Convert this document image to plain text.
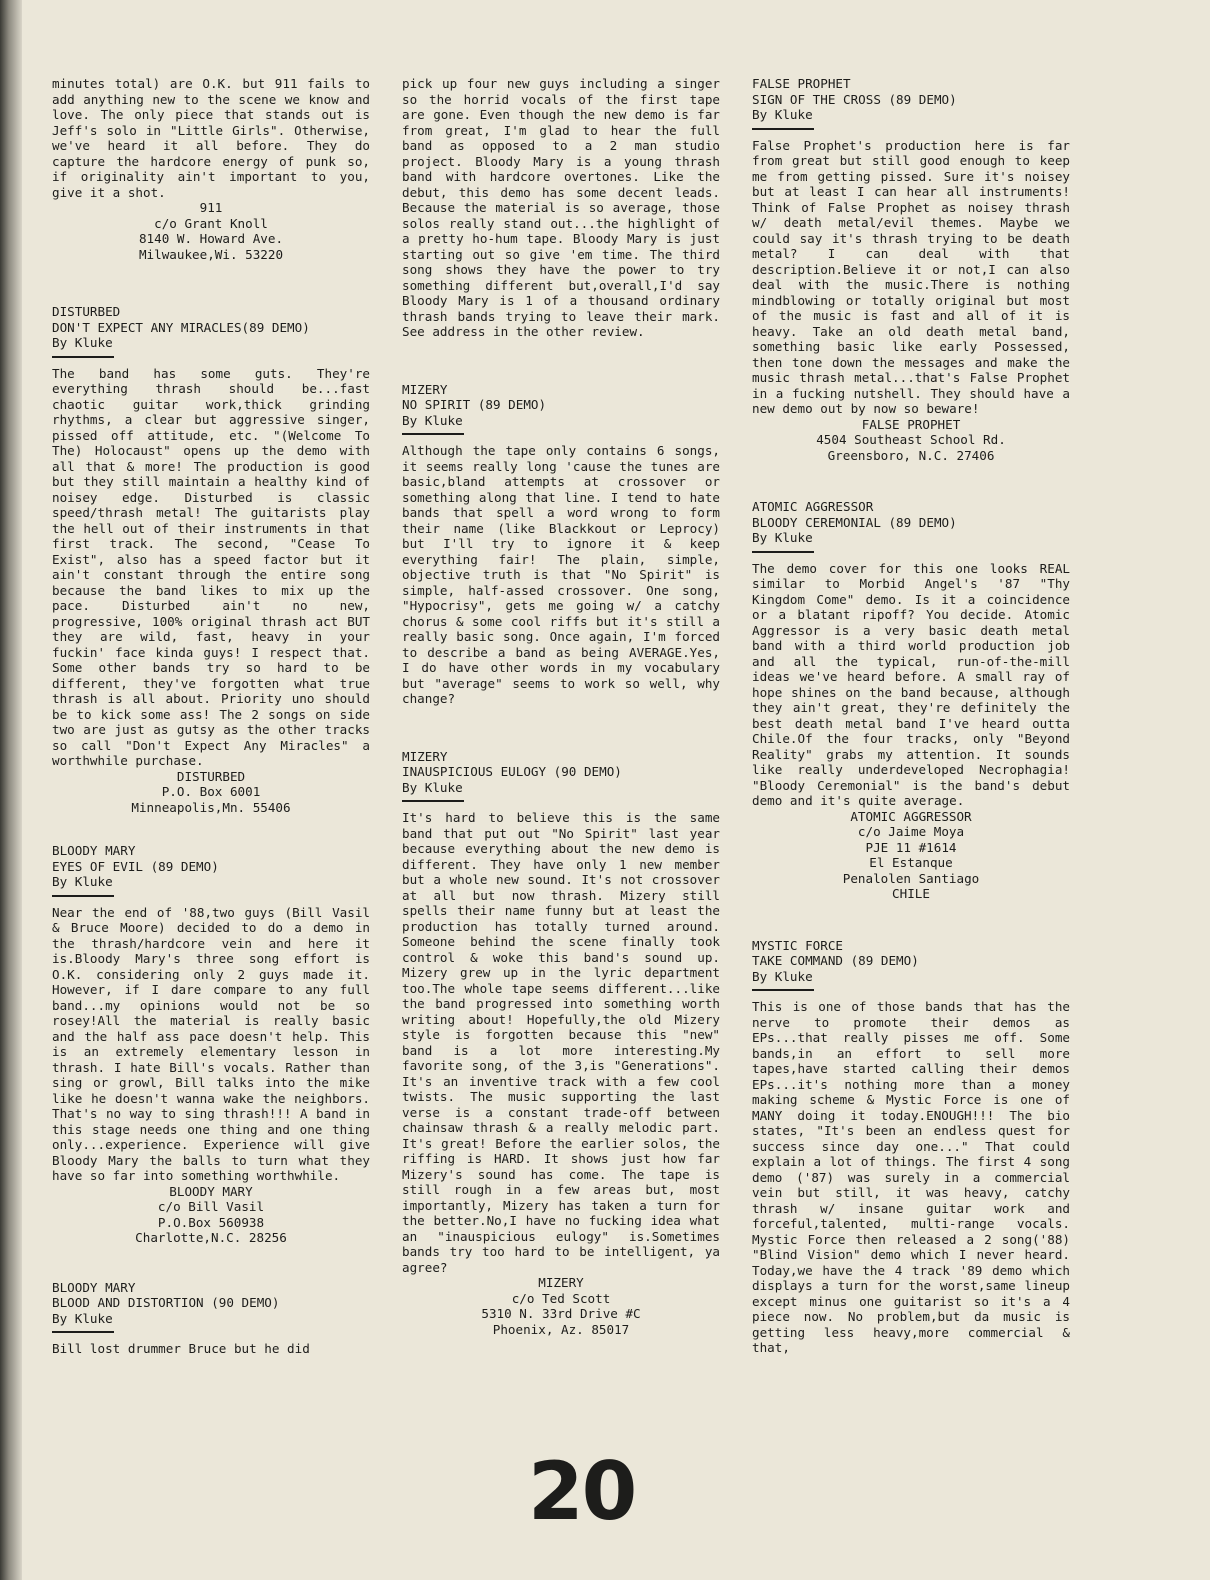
minutes total) are O.K. but 911 fails to add anything new to the scene we know and love. The only piece that stands out is Jeff's solo in "Little Girls". Otherwise, we've heard it all before. They do capture the hardcore energy of punk so, if originality ain't important to you, give it a shot.

911
c/o Grant Knoll
8140 W. Howard Ave.
Milwaukee,Wi. 53220
DISTURBED
DON'T EXPECT ANY MIRACLES(89 DEMO)
By Kluke

The band has some guts. They're everything thrash should be...fast chaotic guitar work,thick grinding rhythms, a clear but aggressive singer, pissed off attitude, etc. "(Welcome To The) Holocaust" opens up the demo with all that & more! The production is good but they still maintain a healthy kind of noisey edge. Disturbed is classic speed/thrash metal! The guitarists play the hell out of their instruments in that first track. The second, "Cease To Exist", also has a speed factor but it ain't constant through the entire song because the band likes to mix up the pace. Disturbed ain't no new, progressive, 100% original thrash act BUT they are wild, fast, heavy in your fuckin' face kinda guys! I respect that. Some other bands try so hard to be different, they've forgotten what true thrash is all about. Priority uno should be to kick some ass! The 2 songs on side two are just as gutsy as the other tracks so call "Don't Expect Any Miracles" a worthwhile purchase.

DISTURBED
P.O. Box 6001
Minneapolis,Mn. 55406
BLOODY MARY
EYES OF EVIL (89 DEMO)
By Kluke

Near the end of '88,two guys (Bill Vasil & Bruce Moore) decided to do a demo in the thrash/hardcore vein and here it is.Bloody Mary's three song effort is O.K. considering only 2 guys made it. However, if I dare compare to any full band...my opinions would not be so rosey!All the material is really basic and the half ass pace doesn't help. This is an extremely elementary lesson in thrash. I hate Bill's vocals. Rather than sing or growl, Bill talks into the mike like he doesn't wanna wake the neighbors. That's no way to sing thrash!!! A band in this stage needs one thing and one thing only...experience. Experience will give Bloody Mary the balls to turn what they have so far into something worthwhile.

BLOODY MARY
c/o Bill Vasil
P.O.Box 560938
Charlotte,N.C. 28256
BLOODY MARY
BLOOD AND DISTORTION (90 DEMO)
By Kluke

Bill lost drummer Bruce but he did

pick up four new guys including a singer so the horrid vocals of the first tape are gone. Even though the new demo is far from great, I'm glad to hear the full band as opposed to a 2 man studio project. Bloody Mary is a young thrash band with hardcore overtones. Like the debut, this demo has some decent leads. Because the material is so average, those solos really stand out...the highlight of a pretty ho-hum tape. Bloody Mary is just starting out so give 'em time. The third song shows they have the power to try something different but,overall,I'd say Bloody Mary is 1 of a thousand ordinary thrash bands trying to leave their mark. See address in the other review.

MIZERY
NO SPIRIT (89 DEMO)
By Kluke

Although the tape only contains 6 songs, it seems really long 'cause the tunes are basic,bland attempts at crossover or something along that line. I tend to hate bands that spell a word wrong to form their name (like Blackkout or Leprocy) but I'll try to ignore it & keep everything fair! The plain, simple, objective truth is that "No Spirit" is simple, half-assed crossover. One song, "Hypocrisy", gets me going w/ a catchy chorus & some cool riffs but it's still a really basic song. Once again, I'm forced to describe a band as being AVERAGE.Yes, I do have other words in my vocabulary but "average" seems to work so well, why change?

MIZERY
INAUSPICIOUS EULOGY (90 DEMO)
By Kluke

It's hard to believe this is the same band that put out "No Spirit" last year because everything about the new demo is different. They have only 1 new member but a whole new sound. It's not crossover at all but now thrash. Mizery still spells their name funny but at least the production has totally turned around. Someone behind the scene finally took control & woke this band's sound up. Mizery grew up in the lyric department too.The whole tape seems different...like the band progressed into something worth writing about! Hopefully,the old Mizery style is forgotten because this "new" band is a lot more interesting.My favorite song, of the 3,is "Generations". It's an inventive track with a few cool twists. The music supporting the last verse is a constant trade-off between chainsaw thrash & a really melodic part. It's great! Before the earlier solos, the riffing is HARD. It shows just how far Mizery's sound has come. The tape is still rough in a few areas but, most importantly, Mizery has taken a turn for the better.No,I have no fucking idea what an "inauspicious eulogy" is.Sometimes bands try too hard to be intelligent, ya agree?

MIZERY
c/o Ted Scott
5310 N. 33rd Drive #C
Phoenix, Az. 85017
FALSE PROPHET
SIGN OF THE CROSS (89 DEMO)
By Kluke

False Prophet's production here is far from great but still good enough to keep me from getting pissed. Sure it's noisey but at least I can hear all instruments! Think of False Prophet as noisey thrash w/ death metal/evil themes. Maybe we could say it's thrash trying to be death metal? I can deal with that description.Believe it or not,I can also deal with the music.There is nothing mindblowing or totally original but most of the music is fast and all of it is heavy. Take an old death metal band, something basic like early Possessed, then tone down the messages and make the music thrash metal...that's False Prophet in a fucking nutshell. They should have a new demo out by now so beware!

FALSE PROPHET
4504 Southeast School Rd.
Greensboro, N.C. 27406
ATOMIC AGGRESSOR
BLOODY CEREMONIAL (89 DEMO)
By Kluke

The demo cover for this one looks REAL similar to Morbid Angel's '87 "Thy Kingdom Come" demo. Is it a coincidence or a blatant ripoff? You decide. Atomic Aggressor is a very basic death metal band with a third world production job and all the typical, run-of-the-mill ideas we've heard before. A small ray of hope shines on the band because, although they ain't great, they're definitely the best death metal band I've heard outta Chile.Of the four tracks, only "Beyond Reality" grabs my attention. It sounds like really underdeveloped Necrophagia! "Bloody Ceremonial" is the band's debut demo and it's quite average.

ATOMIC AGGRESSOR
c/o Jaime Moya
PJE 11 #1614
El Estanque
Penalolen Santiago
CHILE
MYSTIC FORCE
TAKE COMMAND (89 DEMO)
By Kluke

This is one of those bands that has the nerve to promote their demos as EPs...that really pisses me off. Some bands,in an effort to sell more tapes,have started calling their demos EPs...it's nothing more than a money making scheme & Mystic Force is one of MANY doing it today.ENOUGH!!! The bio states, "It's been an endless quest for success since day one..." That could explain a lot of things. The first 4 song demo ('87) was surely in a commercial vein but still, it was heavy, catchy thrash w/ insane guitar work and forceful,talented, multi-range vocals. Mystic Force then released a 2 song('88) "Blind Vision" demo which I never heard. Today,we have the 4 track '89 demo which displays a turn for the worst,same lineup except minus one guitarist so it's a 4 piece now. No problem,but da music is getting less heavy,more commercial & that,

20
